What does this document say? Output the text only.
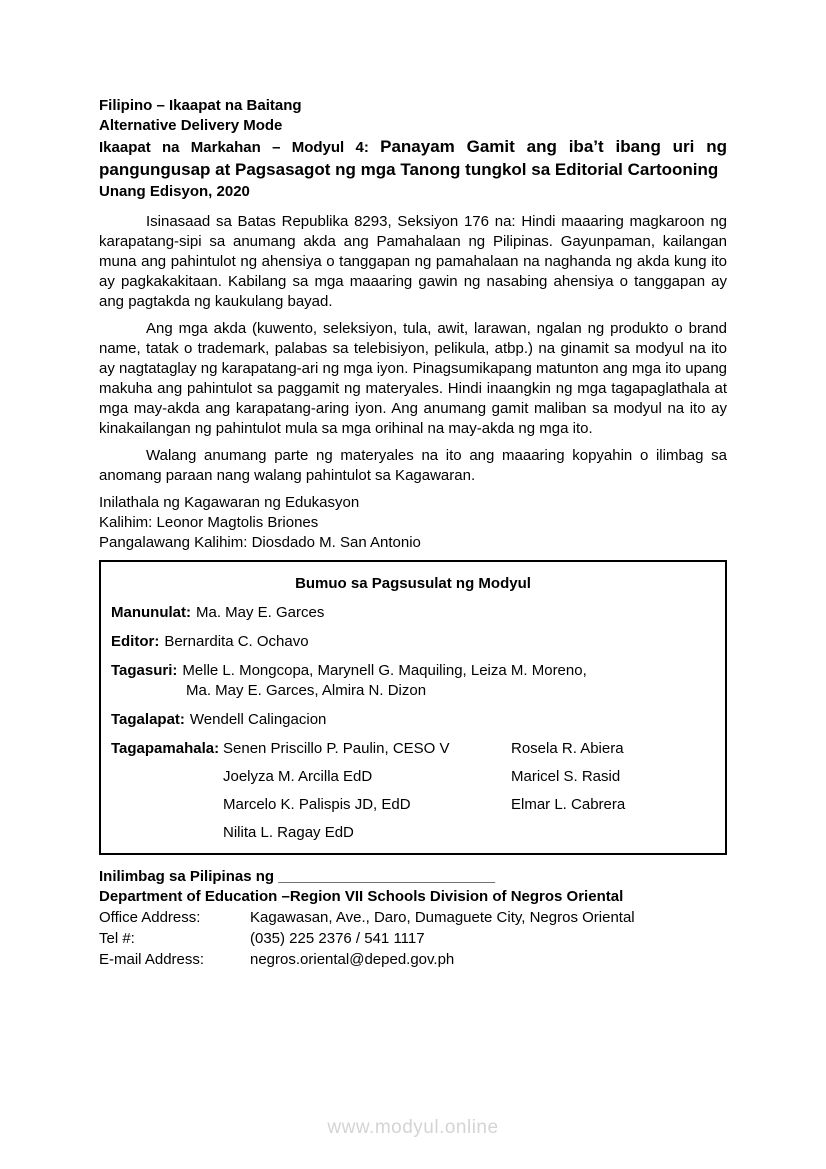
Filipino – Ikaapat na Baitang
Alternative Delivery Mode

Ikaapat na Markahan – Modyul 4: Panayam Gamit ang iba’t ibang uri ng pangungusap at Pagsasagot ng mga Tanong tungkol sa Editorial Cartooning

Unang Edisyon, 2020

Isinasaad sa Batas Republika 8293, Seksiyon 176 na: Hindi maaaring magkaroon ng karapatang-sipi sa anumang akda ang Pamahalaan ng Pilipinas. Gayunpaman, kailangan muna ang pahintulot ng ahensiya o tanggapan ng pamahalaan na naghanda ng akda kung ito ay pagkakakitaan. Kabilang sa mga maaaring gawin ng nasabing ahensiya o tanggapan ay ang pagtakda ng kaukulang bayad.

Ang mga akda (kuwento, seleksiyon, tula, awit, larawan, ngalan ng produkto o brand name, tatak o trademark, palabas sa telebisiyon, pelikula, atbp.) na ginamit sa modyul na ito ay nagtataglay ng karapatang-ari ng mga iyon. Pinagsumikapang matunton ang mga ito upang makuha ang pahintulot sa paggamit ng materyales. Hindi inaangkin ng mga tagapaglathala at mga may-akda ang karapatang-aring iyon. Ang anumang gamit maliban sa modyul na ito ay kinakailangan ng pahintulot mula sa mga orihinal na may-akda ng mga ito.

Walang anumang parte ng materyales na ito ang maaaring kopyahin o ilimbag sa anomang paraan nang walang pahintulot sa Kagawaran.

Inilathala ng Kagawaran ng Edukasyon
Kalihim: Leonor Magtolis Briones
Pangalawang Kalihim: Diosdado M. San Antonio

Bumuo sa Pagsusulat ng Modyul

Manunulat: Ma. May E. Garces
Editor: Bernardita C. Ochavo
Tagasuri: Melle L. Mongcopa, Marynell G. Maquiling, Leiza M. Moreno,
Ma. May E. Garces, Almira N. Dizon
Tagalapat: Wendell Calingacion
Tagapamahala: Senen Priscillo P. Paulin, CESO V	Rosela R. Abiera
Joelyza M. Arcilla EdD	Maricel S. Rasid
Marcelo K. Palispis JD, EdD	Elmar L. Cabrera
Nilita L. Ragay EdD
Inilimbag sa Pilipinas ng __________________________
Department of Education –Region VII Schools Division of Negros Oriental
Office Address:	Kagawasan, Ave., Daro, Dumaguete City, Negros Oriental
Tel #:	(035) 225 2376 / 541 1117
E-mail Address:	negros.oriental@deped.gov.ph
www.modyul.online
